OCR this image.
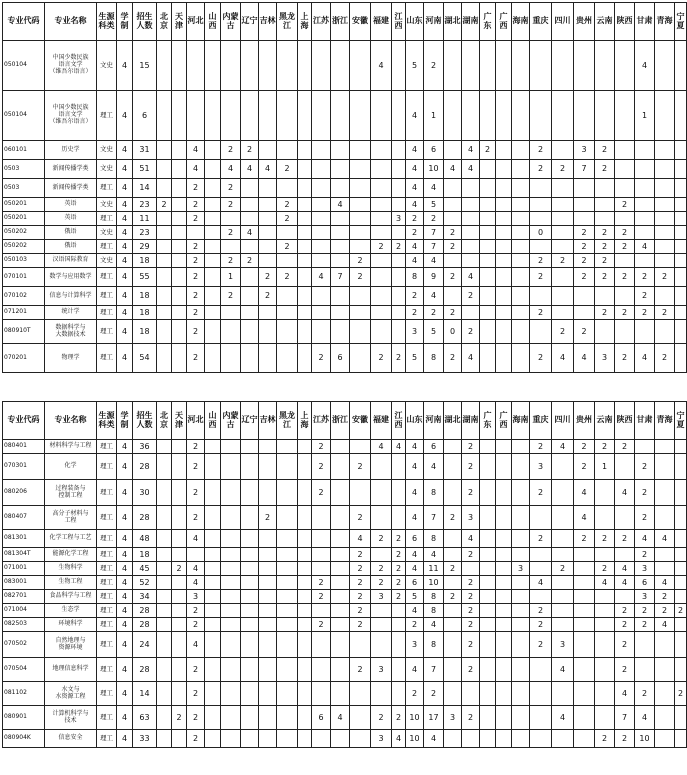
专业代码	专业名称	生源科类	学制	招生人数	北京	天津	河北	山西	内蒙古	辽宁	吉林	黑龙江	上海	江苏	浙江	安徽	福建	江西	山东	河南	湖北	湖南	广东	广西	海南	重庆	四川	贵州	云南	陕西	甘肃	青海	宁夏
050104	中国少数民族
语言文学
（维吾尔语言）	文史	4	15													4		5	2											4		
050104	中国少数民族
语言文学
（维吾尔语言）	理工	4	6															4	1											1		
060101	历史学	文史	4	31			4		2	2									4	6		4	2			2		3	2				
0503	新闻传播学类	文史	4	51			4		4	4	4	2							4	10	4	4				2	2	7	2				
0503	新闻传播学类	理工	4	14			2		2										4	4													
050201	英语	文史	4	23	2		2		2			2			4				4	5										2			
050201	英语	理工	4	11			2					2						3	2	2													
050202	俄语	文史	4	23					2	4									2	7	2					0		2	2	2			
050202	俄语	理工	4	29			2					2					2	2	4	7	2							2	2	2	4		
050103	汉语国际教育	文史	4	18			2		2	2						2			4	4						2	2	2	2				
070101	数学与应用数学	理工	4	55			2		1		2	2		4	7	2			8	9	2	4				2		2	2	2	2	2	
070102	信息与计算科学	理工	4	18			2		2		2								2	4		2									2		
071201	统计学	理工	4	18			2												2	2	2					2			2	2	2	2	
080910T	数据科学与
大数据技术	理工	4	18			2												3	5	0	2					2	2					
070201	物理学	理工	4	54			2							2	6		2	2	5	8	2	4				2	4	4	3	2	4	2	
专业代码	专业名称	生源科类	学制	招生人数	北京	天津	河北	山西	内蒙古	辽宁	吉林	黑龙江	上海	江苏	浙江	安徽	福建	江西	山东	河南	湖北	湖南	广东	广西	海南	重庆	四川	贵州	云南	陕西	甘肃	青海	宁夏
080401	材料科学与工程	理工	4	36			2							2			4	4	4	6		2				2	4	2	2	2			
070301	化学	理工	4	28			2							2		2			4	4		2				3		2	1		2		
080206	过程装备与
控制工程	理工	4	30			2							2					4	8		2				2		4		4	2		
080407	高分子材料与
工程	理工	4	28			2				2					2			4	7	2	3						4			2		
081301	化学工程与工艺	理工	4	48			4									4	2	2	6	8		4				2		2	2	2	4	4	
081304T	能源化学工程	理工	4	18												2		2	4	4		2									2		
071001	生物科学	理工	4	45		2	4									2	2	2	4	11	2				3		2		2	4	3		
083001	生物工程	理工	4	52			4							2		2	2	2	6	10		2				4			4	4	6	4	
082701	食品科学与工程	理工	4	34			3							2		2	3	2	5	8	2	2									3	2	
071004	生态学	理工	4	28			2									2			4	8		2				2				2	2	2	2
082503	环境科学	理工	4	28			2							2		2			2	4		2				2				2	2	4	
070502	自然地理与
资源环境	理工	4	24			4												3	8		2				2	3			2			
070504	地理信息科学	理工	4	28			2									2	3		4	7		2					4			2			
081102	水文与
水资源工程	理工	4	14			2												2	2										4	2		2
080901	计算机科学与
技术	理工	4	63		2	2							6	4		2	2	10	17	3	2					4			7	4		
080904K	信息安全	理工	4	33			2										3	4	10	4									2	2	10		
